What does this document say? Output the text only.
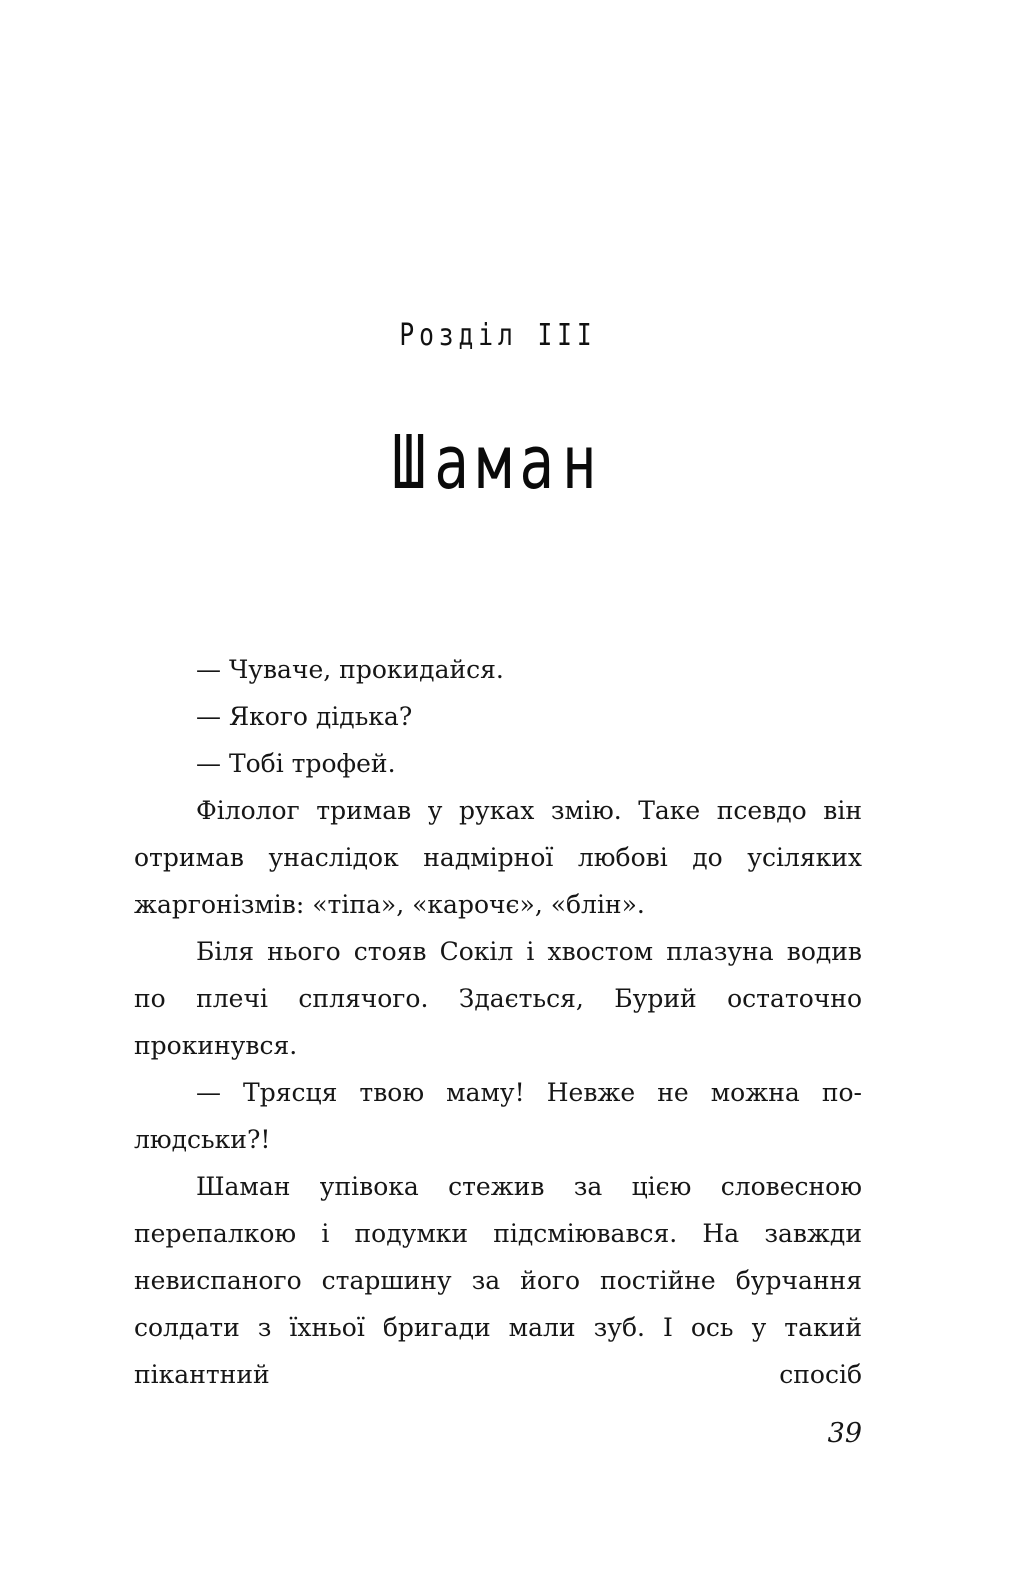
Розділ III
Шаман

— Чуваче, прокидайся.

— Якого дідька?

— Тобі трофей.

Філолог тримав у руках змію. Таке псевдо він отримав унаслідок надмірної любові до усіляких жаргонізмів: «тіпа», «карочє», «блін».

Біля нього стояв Сокіл і хвостом плазуна водив по плечі сплячого. Здається, Бурий остаточно прокинувся.

— Трясця твою маму! Невже не можна по-людськи?!

Шаман упівока стежив за цією словесною перепалкою і подумки підсміювався. На завжди невиспаного старшину за його постійне бурчання солдати з їхньої бригади мали зуб. І ось у такий пікантний спосіб

39
